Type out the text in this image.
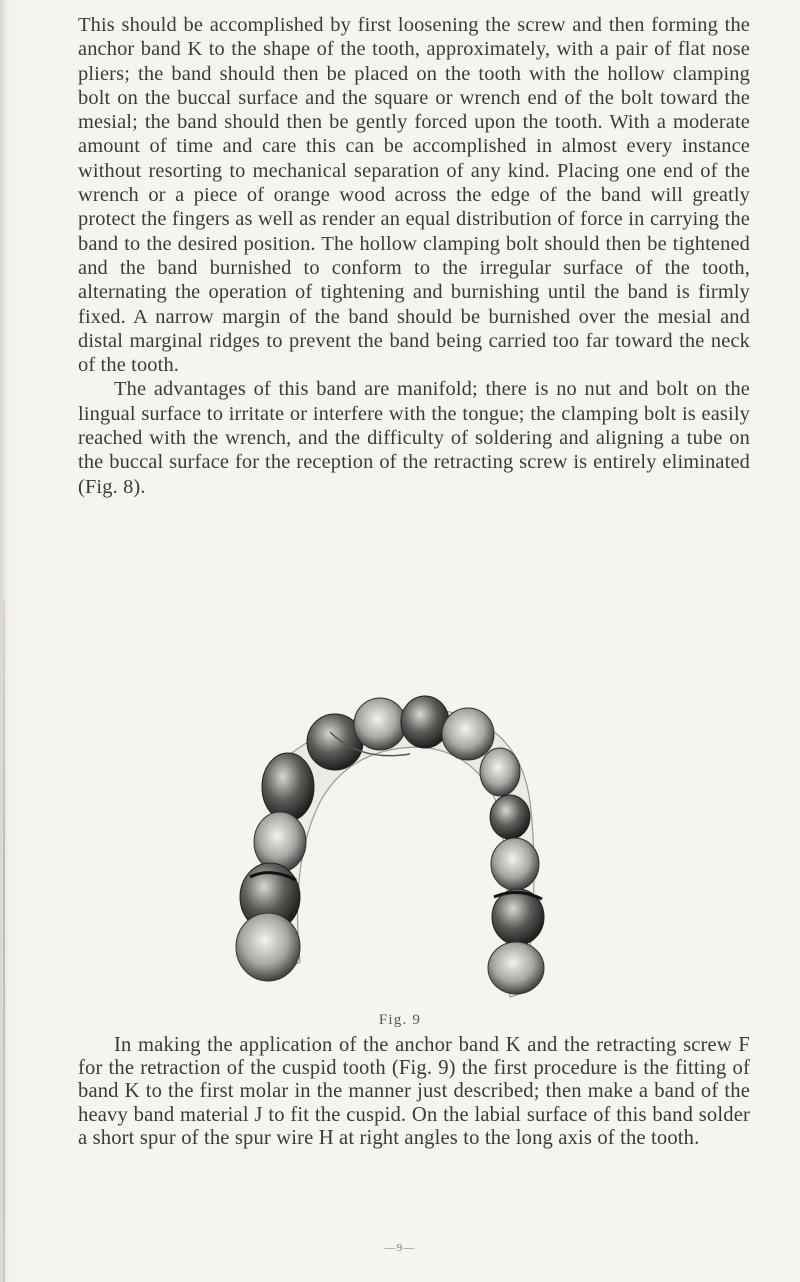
This should be accomplished by first loosening the screw and then forming the anchor band K to the shape of the tooth, approximately, with a pair of flat nose pliers; the band should then be placed on the tooth with the hollow clamping bolt on the buccal surface and the square or wrench end of the bolt toward the mesial; the band should then be gently forced upon the tooth. With a moderate amount of time and care this can be accomplished in almost every instance without resorting to mechanical separation of any kind. Placing one end of the wrench or a piece of orange wood across the edge of the band will greatly protect the fingers as well as render an equal distribution of force in carrying the band to the desired position. The hollow clamping bolt should then be tightened and the band burnished to conform to the irregular surface of the tooth, alternating the operation of tightening and burnishing until the band is firmly fixed. A narrow margin of the band should be burnished over the mesial and distal marginal ridges to prevent the band being carried too far toward the neck of the tooth.

The advantages of this band are manifold; there is no nut and bolt on the lingual surface to irritate or interfere with the tongue; the clamping bolt is easily reached with the wrench, and the difficulty of soldering and aligning a tube on the buccal surface for the reception of the retracting screw is entirely eliminated (Fig. 8).

Fig. 9

In making the application of the anchor band K and the retracting screw F for the retraction of the cuspid tooth (Fig. 9) the first procedure is the fitting of band K to the first molar in the manner just described; then make a band of the heavy band material J to fit the cuspid. On the labial surface of this band solder a short spur of the spur wire H at right angles to the long axis of the tooth.

—9—
